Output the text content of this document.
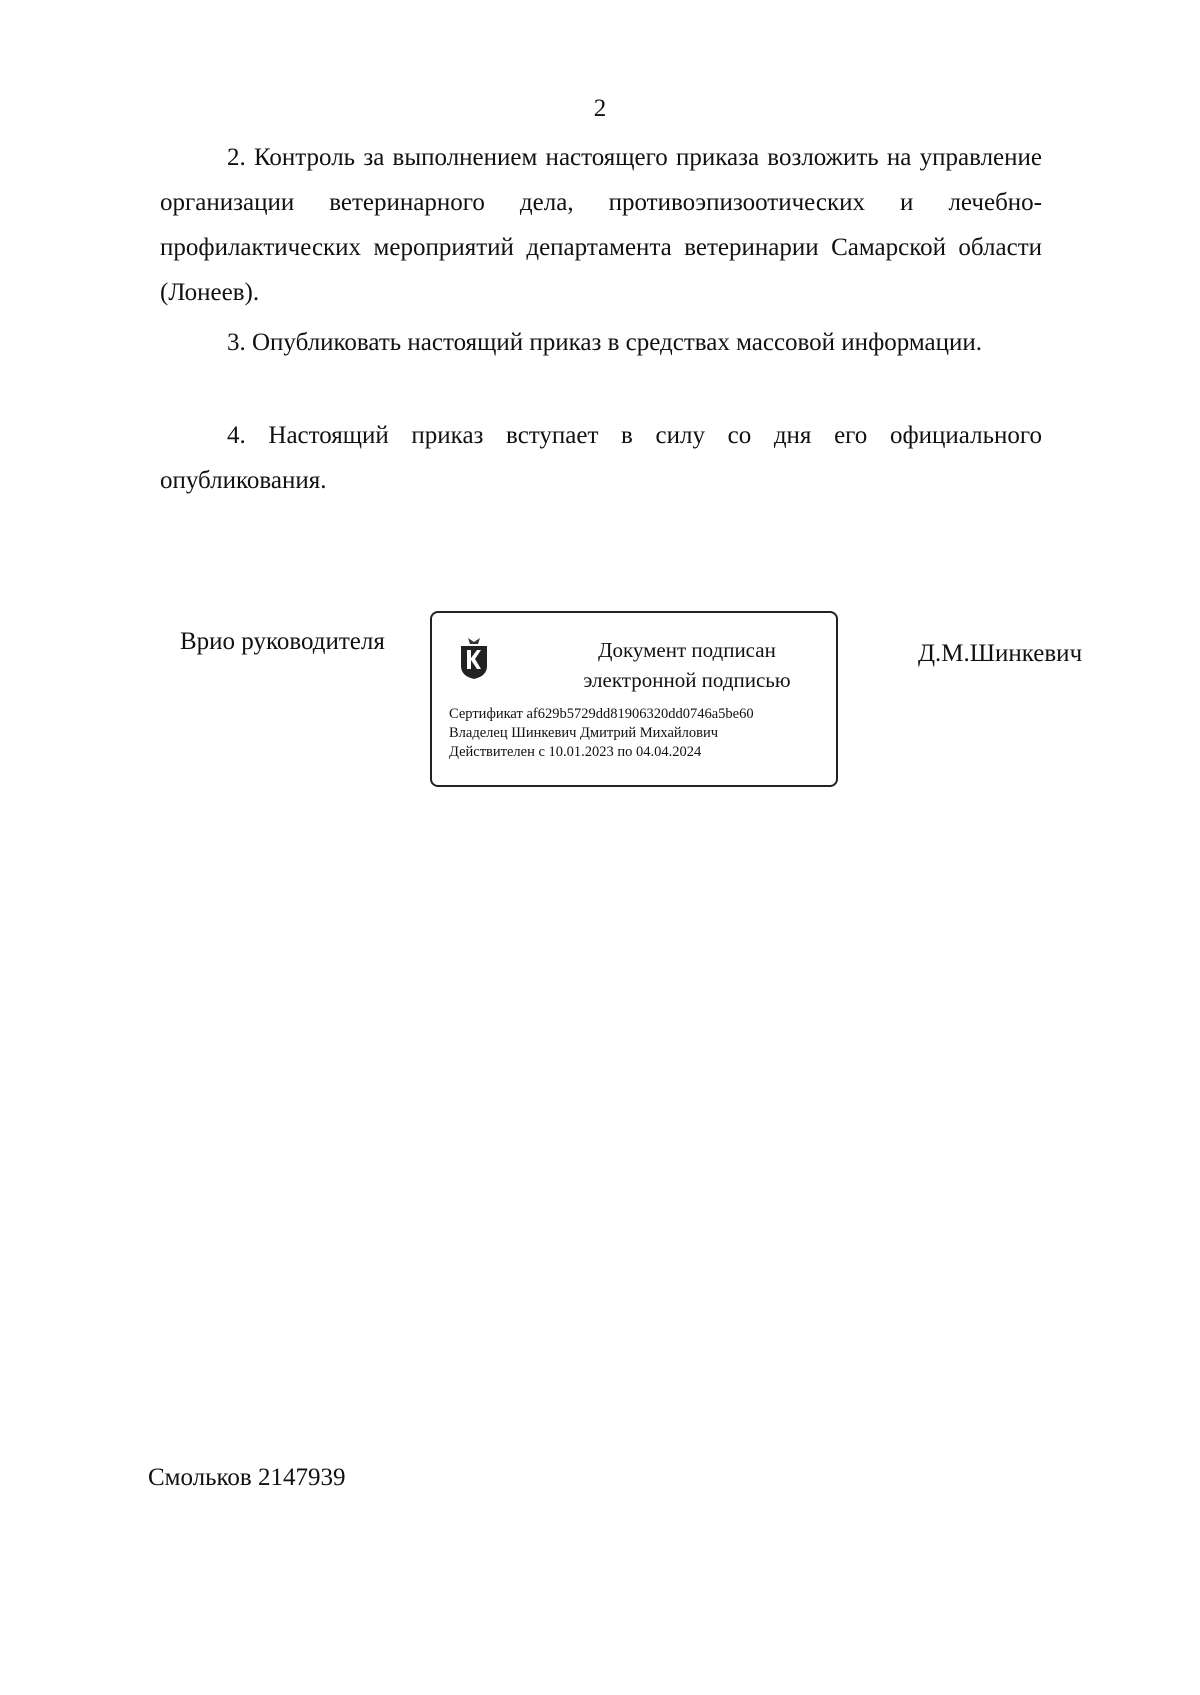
2

2. Контроль за выполнением настоящего приказа возложить на управление организации ветеринарного дела, противоэпизоотических и лечебно-профилактических мероприятий департамента ветеринарии Самарской области (Лонеев).

3. Опубликовать настоящий приказ в средствах массовой информации.

4. Настоящий приказ вступает в силу со дня его официального опубликования.

Врио руководителя	Документ подписан
электронной подписью
Сертификат af629b5729dd81906320dd0746a5be60
Владелец Шинкевич Дмитрий Михайлович
Действителен с 10.01.2023 по 04.04.2024
Д.М.Шинкевич
Смольков 2147939
